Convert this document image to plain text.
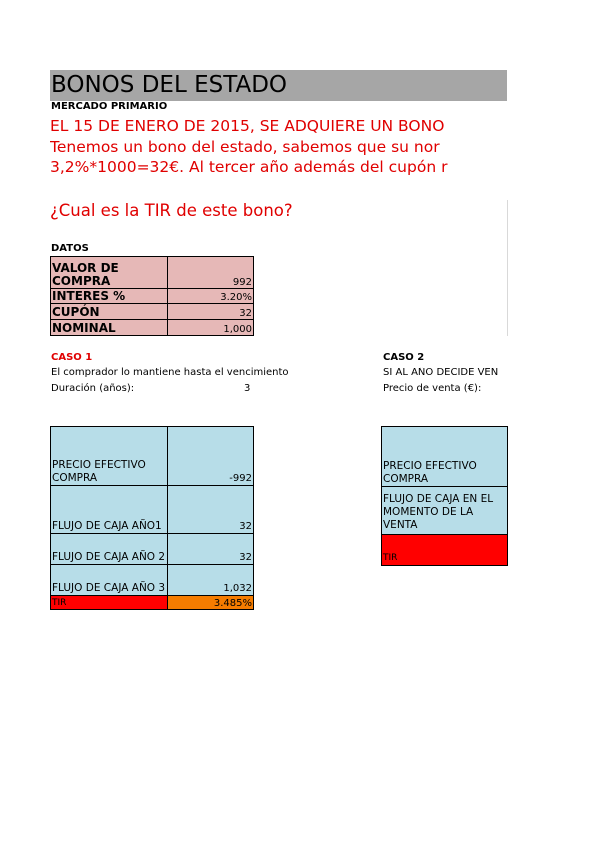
BONOS DEL ESTADO
MERCADO PRIMARIO
EL 15 DE ENERO DE 2015, SE ADQUIERE UN BONO
Tenemos un bono del estado, sabemos que su nor
3,2%*1000=32€. Al tercer año además del cupón r
¿Cual es la TIR de este bono?
DATOS
VALOR DE COMPRA	992
INTERES %	3.20%
CUPÓN	32
NOMINAL	1,000
CASO 1
El comprador lo mantiene hasta el vencimiento
Duración (años):	3
PRECIO EFECTIVO COMPRA	-992
FLUJO DE CAJA AÑO1	32
FLUJO DE CAJA AÑO 2	32
FLUJO DE CAJA AÑO 3	1,032
TIR	3.485%
CASO 2
SI AL AÑO DECIDE VEN
Precio de venta (€):
PRECIO EFECTIVO COMPRA
FLUJO DE CAJA EN EL MOMENTO DE LA VENTA
TIR
